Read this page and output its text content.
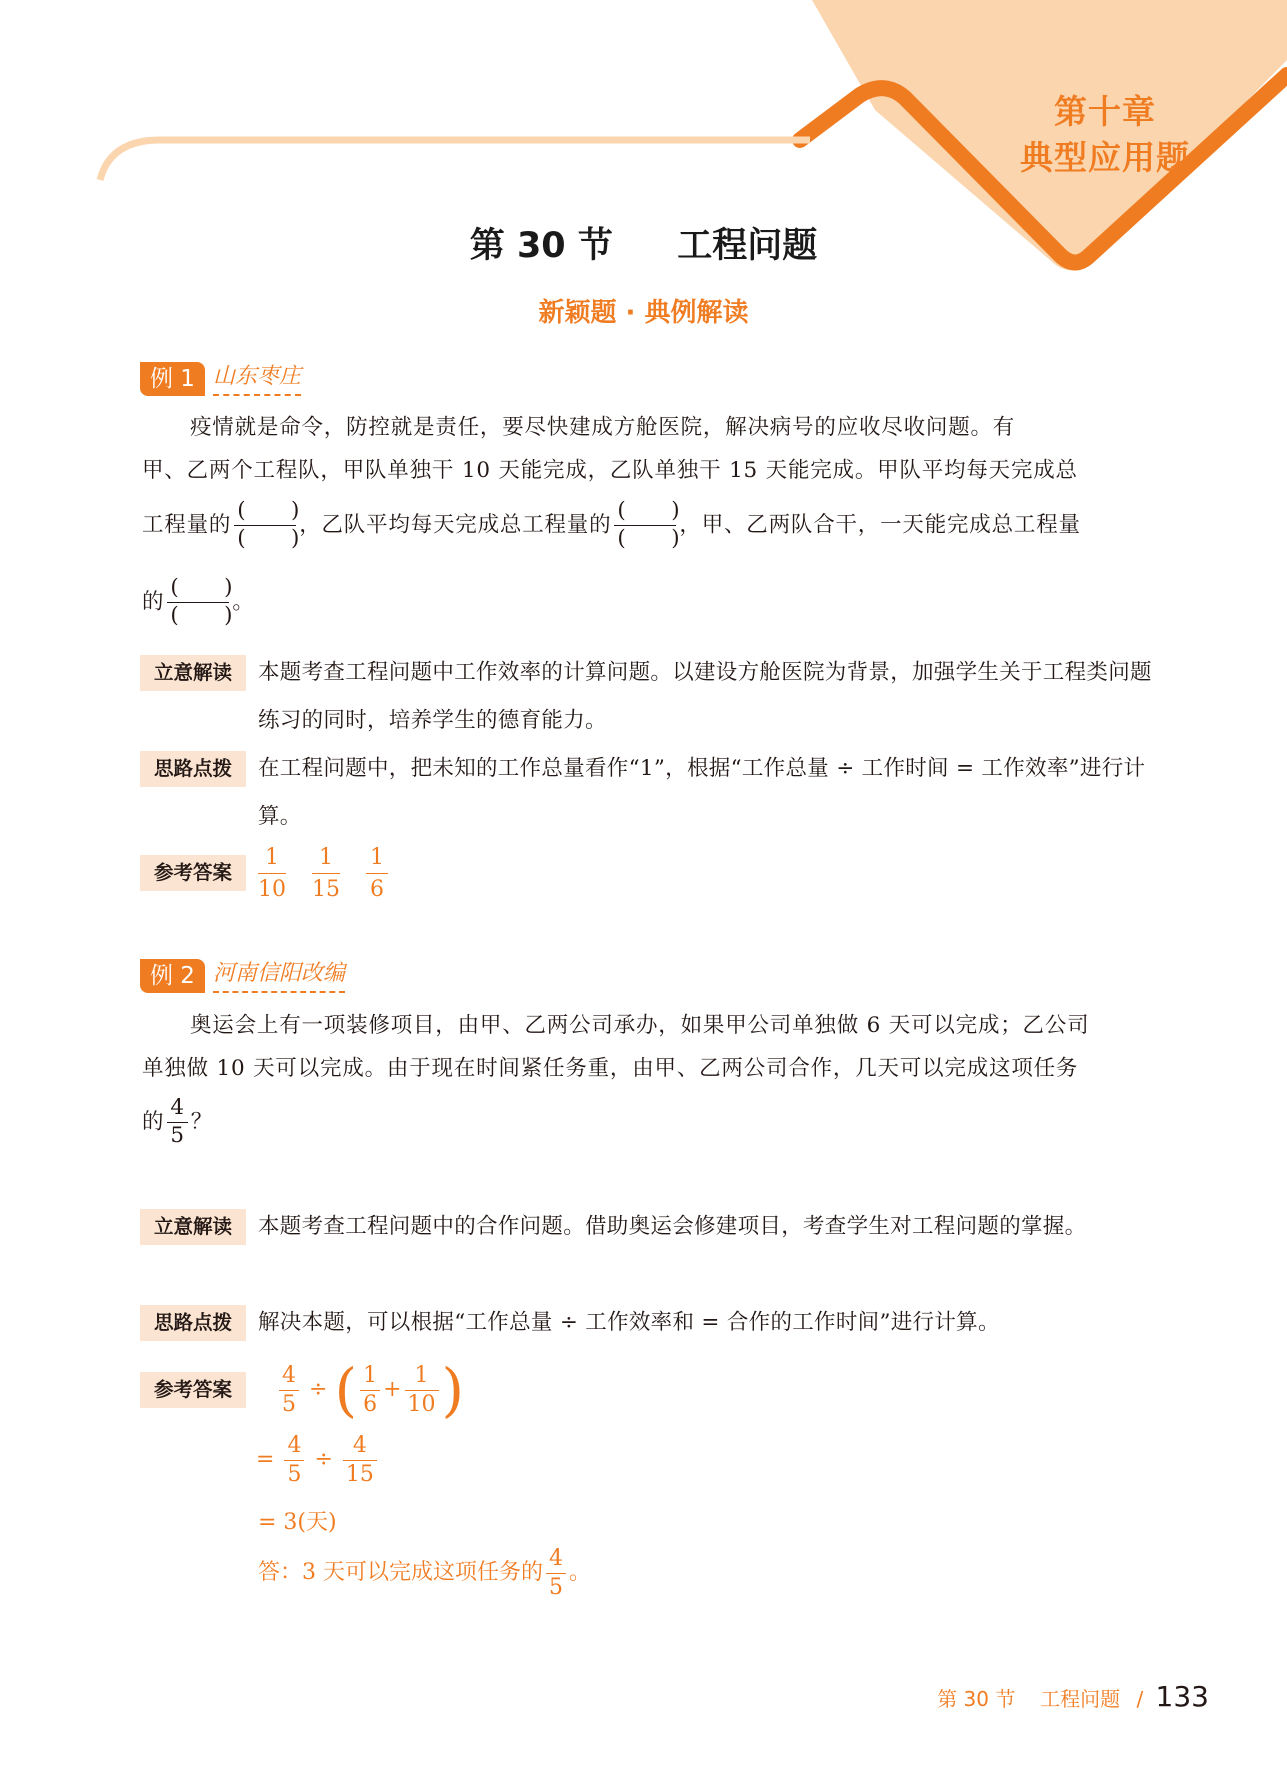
第十章
典型应用题
第 30 节 工程问题
新颖题 · 典例解读
例 1 山东枣庄
疫情就是命令，防控就是责任，要尽快建成方舱医院，解决病号的应收尽收问题。有
甲、乙两个工程队，甲队单独干 10 天能完成，乙队单独干 15 天能完成。甲队平均每天完成总
工程量的 $\frac{( )}{( )}$ ，乙队平均每天完成总工程量的 $\frac{( )}{( )}$ ，甲、乙两队合干，一天能完成总工程量
的 $\frac{( )}{( )}$ 。
立意解读	本题考查工程问题中工作效率的计算问题。以建设方舱医院为背景，加强学生关于工程类问题练习的同时，培养学生的德育能力。
思路点拨	在工程问题中，把未知的工作总量看作“1”，根据“工作总量 ÷ 工作时间 = 工作效率”进行计算。
参考答案	$\frac{1}{10} \frac{1}{15} \frac{1}{6}$
例 2 河南信阳改编
奥运会上有一项装修项目，由甲、乙两公司承办，如果甲公司单独做 6 天可以完成；乙公司
单独做 10 天可以完成。由于现在时间紧任务重，由甲、乙两公司合作，几天可以完成这项任务
的 $\frac{4}{5}$ ？
立意解读	本题考查工程问题中的合作问题。借助奥运会修建项目，考查学生对工程问题的掌握。
思路点拨	解决本题，可以根据“工作总量 ÷ 工作效率和 = 合作的工作时间”进行计算。
参考答案	$\frac{4}{5}$ ÷ ( $\frac{1}{6} + \frac{1}{10}$ )
= $\frac{4}{5} \div \frac{4}{15}$
= 3(天)
答：3 天可以完成这项任务的 $\frac{4}{5}$ 。
第 30 节 工程问题 / 133
